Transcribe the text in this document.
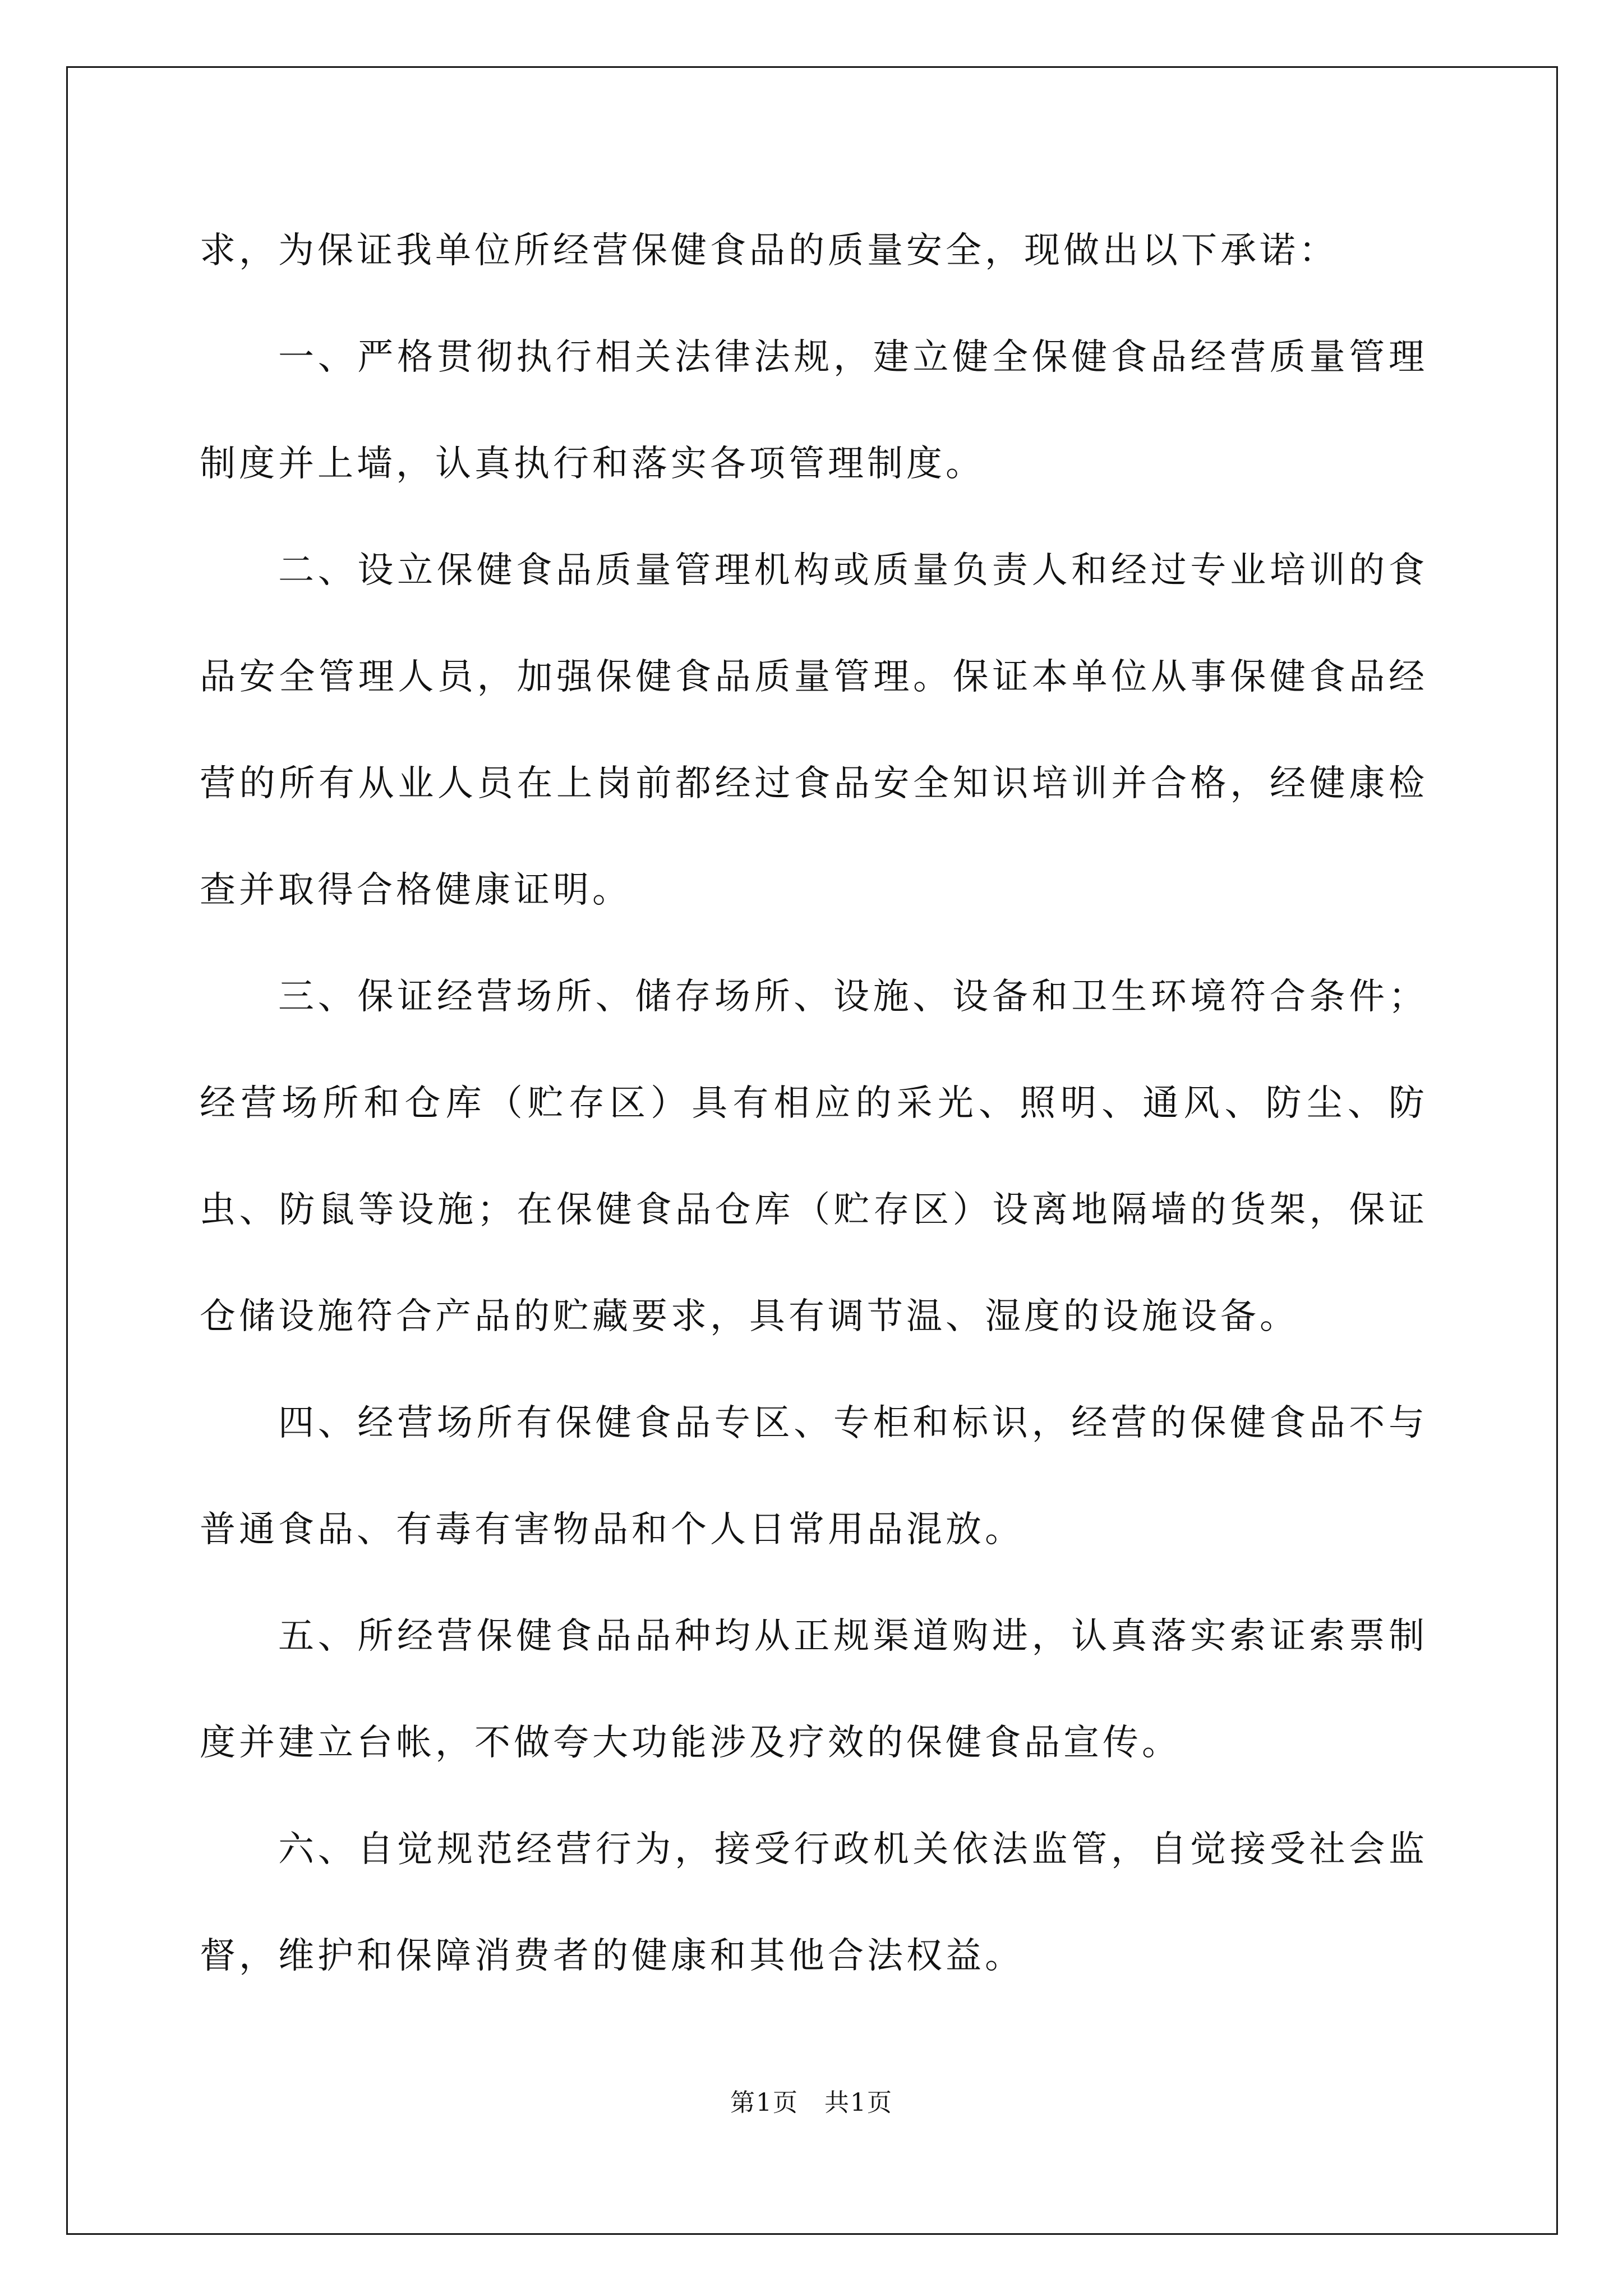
求，为保证我单位所经营保健食品的质量安全，现做出以下承诺：

一、严格贯彻执行相关法律法规，建立健全保健食品经营质量管理制度并上墙，认真执行和落实各项管理制度。

二、设立保健食品质量管理机构或质量负责人和经过专业培训的食品安全管理人员，加强保健食品质量管理。保证本单位从事保健食品经营的所有从业人员在上岗前都经过食品安全知识培训并合格，经健康检查并取得合格健康证明。

三、保证经营场所、储存场所、设施、设备和卫生环境符合条件；经营场所和仓库（贮存区）具有相应的采光、照明、通风、防尘、防虫、防鼠等设施；在保健食品仓库（贮存区）设离地隔墙的货架，保证仓储设施符合产品的贮藏要求，具有调节温、湿度的设施设备。

四、经营场所有保健食品专区、专柜和标识，经营的保健食品不与普通食品、有毒有害物品和个人日常用品混放。

五、所经营保健食品品种均从正规渠道购进，认真落实索证索票制度并建立台帐，不做夸大功能涉及疗效的保健食品宣传。

六、自觉规范经营行为，接受行政机关依法监管，自觉接受社会监督，维护和保障消费者的健康和其他合法权益。

第1页　共1页
